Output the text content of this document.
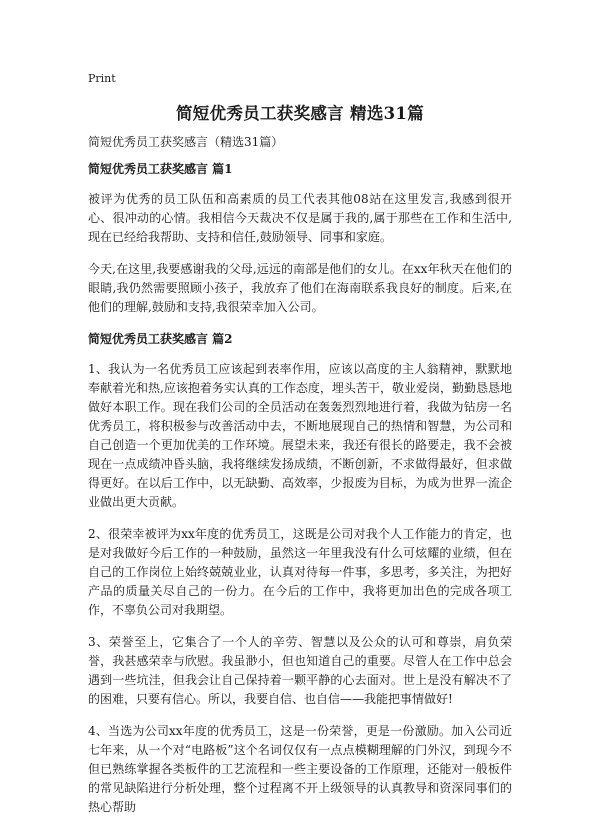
Print
简短优秀员工获奖感言 精选31篇

简短优秀员工获奖感言（精选31篇）

简短优秀员工获奖感言 篇1

被评为优秀的员工队伍和高素质的员工代表其他08站在这里发言,我感到很开心、很冲动的心情。我相信今天裁决不仅是属于我的,属于那些在工作和生活中,现在已经给我帮助、支持和信任,鼓励领导、同事和家庭。

今天,在这里,我要感谢我的父母,远远的南部是他们的女儿。在xx年秋天在他们的眼睛,我仍然需要照顾小孩子，我放弃了他们在海南联系我良好的制度。后来,在他们的理解,鼓励和支持,我很荣幸加入公司。

简短优秀员工获奖感言 篇2

1、我认为一名优秀员工应该起到表率作用，应该以高度的主人翁精神，默默地奉献着光和热,应该抱着务实认真的工作态度，埋头苦干，敬业爱岗，勤勤恳恳地做好本职工作。现在我们公司的全员活动在轰轰烈烈地进行着，我做为钻房一名优秀员工，将积极参与改善活动中去，不断地展现自己的热情和智慧，为公司和自己创造一个更加优美的工作环境。展望未来，我还有很长的路要走，我不会被现在一点成绩冲昏头脑，我将继续发扬成绩，不断创新，不求做得最好，但求做得更好。在以后工作中，以无缺勤、高效率，少报废为目标，为成为世界一流企业做出更大贡献。

2、很荣幸被评为xx年度的优秀员工，这既是公司对我个人工作能力的肯定，也是对我做好今后工作的一种鼓励，虽然这一年里我没有什么可炫耀的业绩，但在自己的工作岗位上始终兢兢业业，认真对待每一件事，多思考，多关注，为把好产品的质量关尽自己的一份力。在今后的工作中，我将更加出色的完成各项工作，不辜负公司对我期望。

3、荣誉至上，它集合了一个人的辛劳、智慧以及公众的认可和尊崇，肩负荣誉，我甚感荣幸与欣慰。我虽渺小，但也知道自己的重要。尽管人在工作中总会遇到一些坑洼，但我会让自己保持着一颗平静的心去面对。世上是没有解决不了的困难，只要有信心。所以，我要自信、也自信——我能把事情做好!

4、当选为公司xx年度的优秀员工，这是一份荣誉，更是一份激励。加入公司近七年来，从一个对“电路板”这个名词仅仅有一点点模糊理解的门外汉，到现今不但已熟练掌握各类板件的工艺流程和一些主要设备的工作原理，还能对一般板件的常见缺陷进行分析处理，整个过程离不开上级领导的认真教导和资深同事们的热心帮助
